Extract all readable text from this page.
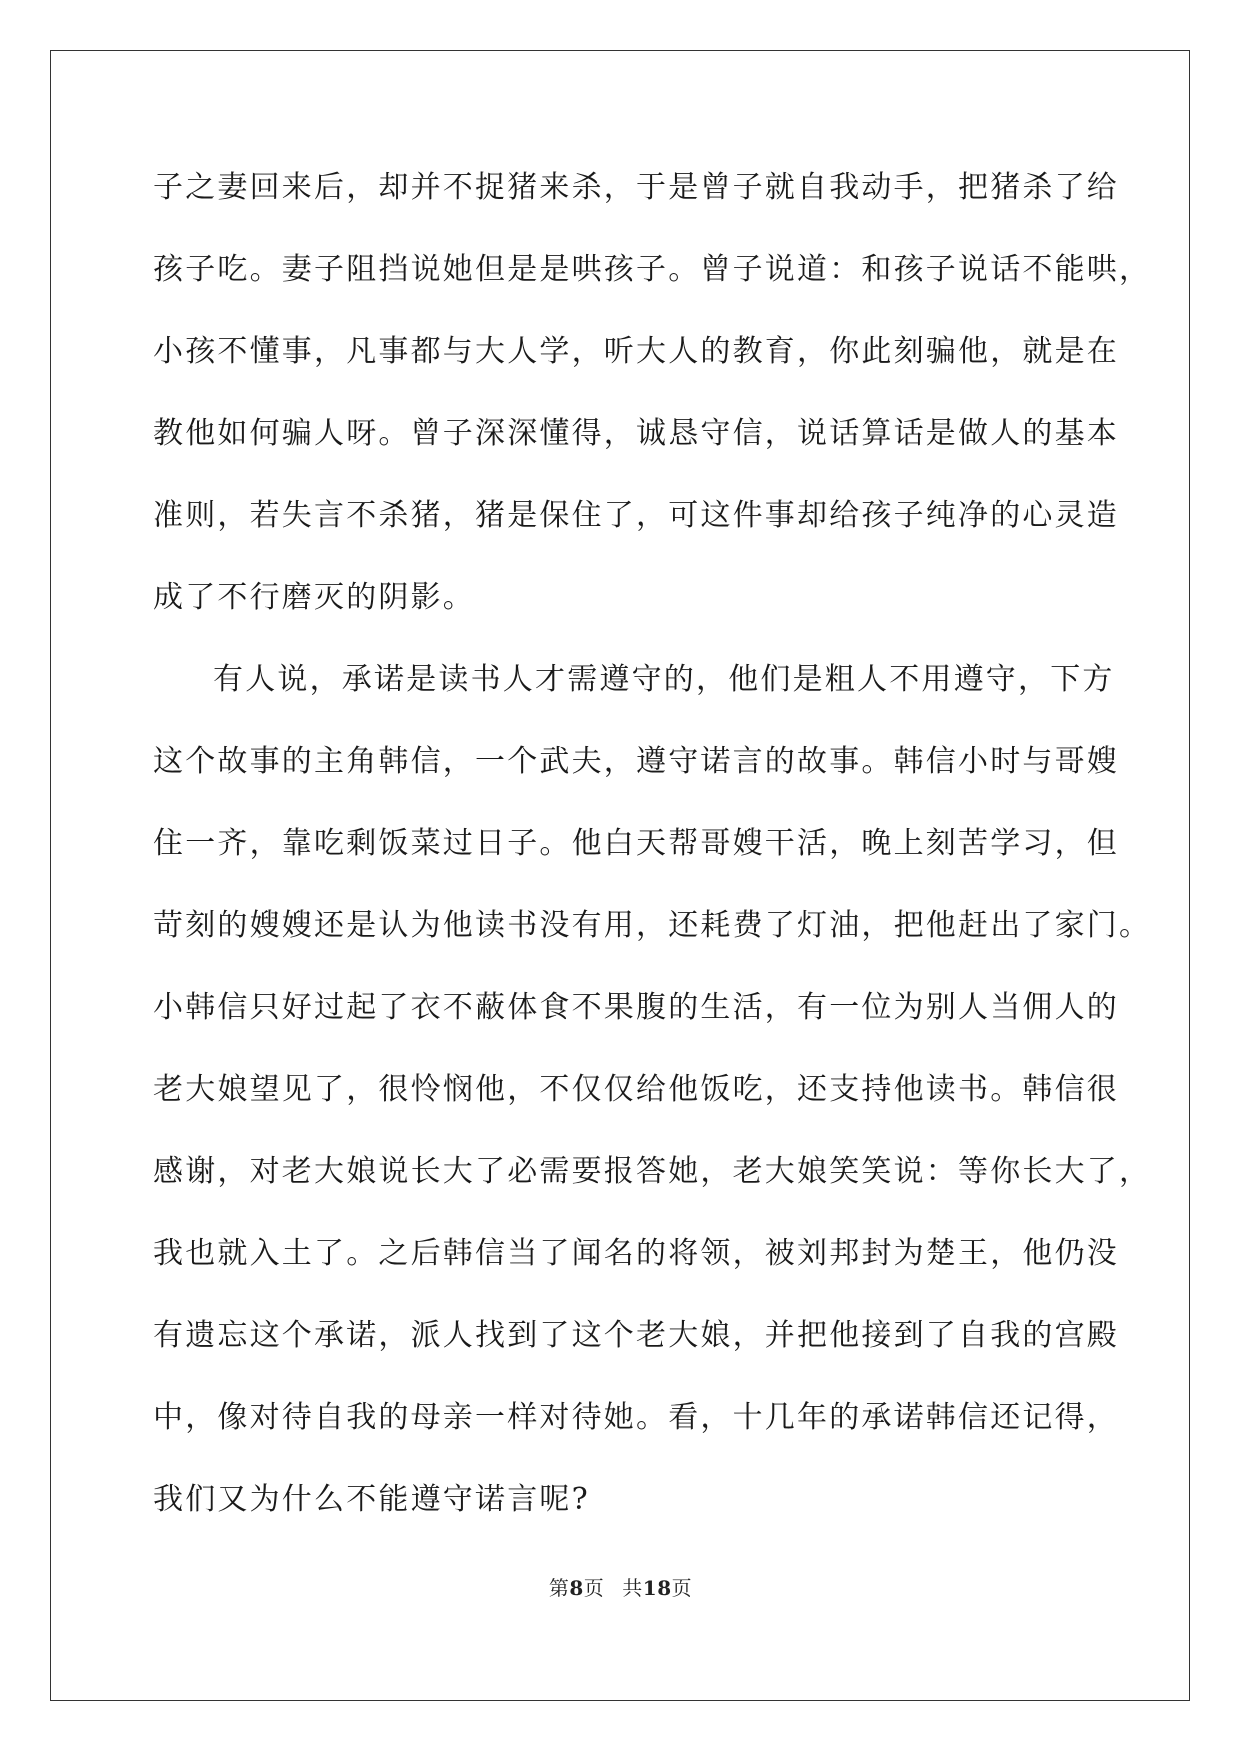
子之妻回来后，却并不捉猪来杀，于是曾子就自我动手，把猪杀了给
孩子吃。妻子阻挡说她但是是哄孩子。曾子说道：和孩子说话不能哄，
小孩不懂事，凡事都与大人学，听大人的教育，你此刻骗他，就是在
教他如何骗人呀。曾子深深懂得，诚恳守信，说话算话是做人的基本
准则，若失言不杀猪，猪是保住了，可这件事却给孩子纯净的心灵造
成了不行磨灭的阴影。
有人说，承诺是读书人才需遵守的，他们是粗人不用遵守，下方
这个故事的主角韩信，一个武夫，遵守诺言的故事。韩信小时与哥嫂
住一齐，靠吃剩饭菜过日子。他白天帮哥嫂干活，晚上刻苦学习，但
苛刻的嫂嫂还是认为他读书没有用，还耗费了灯油，把他赶出了家门。
小韩信只好过起了衣不蔽体食不果腹的生活，有一位为别人当佣人的
老大娘望见了，很怜悯他，不仅仅给他饭吃，还支持他读书。韩信很
感谢，对老大娘说长大了必需要报答她，老大娘笑笑说：等你长大了，
我也就入土了。之后韩信当了闻名的将领，被刘邦封为楚王，他仍没
有遗忘这个承诺，派人找到了这个老大娘，并把他接到了自我的宫殿
中，像对待自我的母亲一样对待她。看，十几年的承诺韩信还记得，
我们又为什么不能遵守诺言呢?
第8页 共18页
